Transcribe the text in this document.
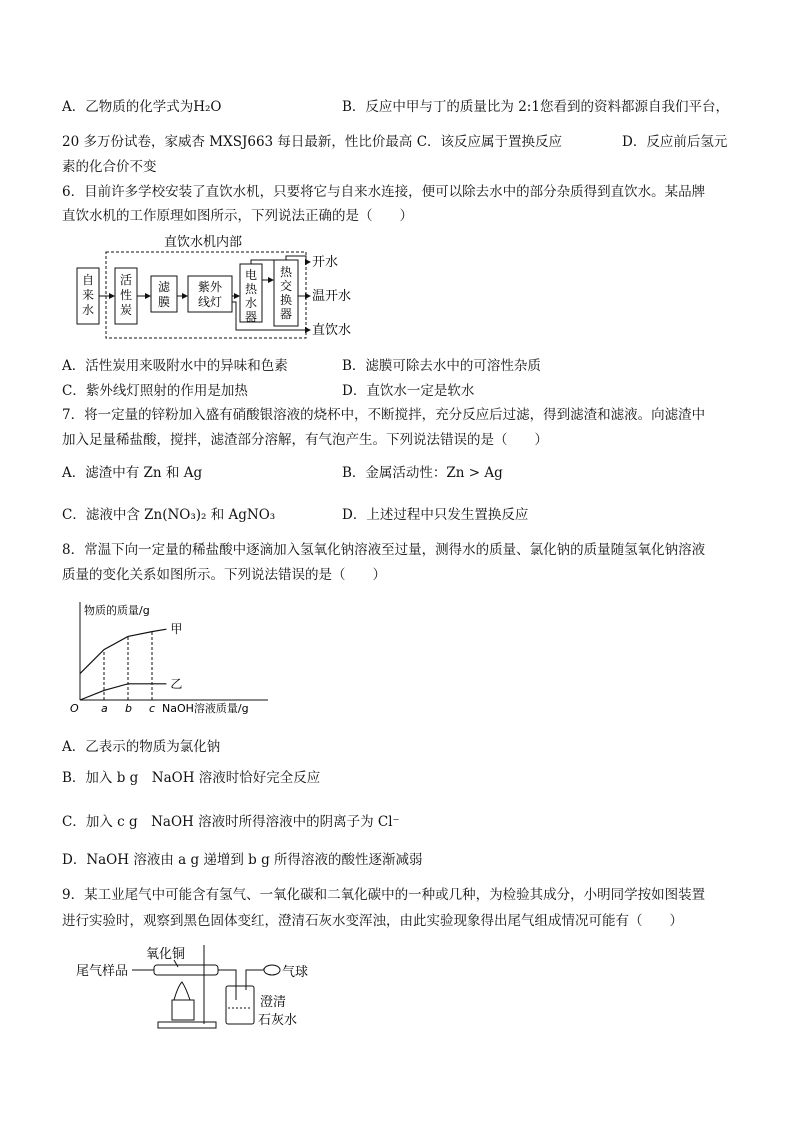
A．乙物质的化学式为H₂O	B．反应中甲与丁的质量比为 2:1您看到的资料都源自我们平台，
20 多万份试卷，家威杏 MXSJ663 每日最新，性比价最高 C．该反应属于置换反应	D．反应前后氢元
素的化合价不变
6．目前许多学校安装了直饮水机，只要将它与自来水连接，便可以除去水中的部分杂质得到直饮水。某品牌
直饮水机的工作原理如图所示，下列说法正确的是（　　）
直饮水机内部
自来水
活性炭
滤膜
紫外线灯
电热水器
热交换器
开水
温开水
直饮水
A．活性炭用来吸附水中的异味和色素	B．滤膜可除去水中的可溶性杂质
C．紫外线灯照射的作用是加热	D．直饮水一定是软水
7．将一定量的锌粉加入盛有硝酸银溶液的烧杯中，不断搅拌，充分反应后过滤，得到滤渣和滤液。向滤渣中
加入足量稀盐酸，搅拌，滤渣部分溶解，有气泡产生。下列说法错误的是（　　）
A．滤渣中有 Zn 和 Ag	B．金属活动性：Zn > Ag
C．滤液中含 Zn(NO₃)₂ 和 AgNO₃	D．上述过程中只发生置换反应
8．常温下向一定量的稀盐酸中逐滴加入氢氧化钠溶液至过量，测得水的质量、氯化钠的质量随氢氧化钠溶液
质量的变化关系如图所示。下列说法错误的是（　　）
物质的质量/g
O	NaOH溶液质量/g
甲
乙
a b c
A．乙表示的物质为氯化钠
B．加入 b g　NaOH 溶液时恰好完全反应
C．加入 c g　NaOH 溶液时所得溶液中的阴离子为 Cl⁻
D．NaOH 溶液由 a g 递增到 b g 所得溶液的酸性逐渐减弱
9．某工业尾气中可能含有氢气、一氧化碳和二氧化碳中的一种或几种，为检验其成分，小明同学按如图装置
进行实验时，观察到黑色固体变红，澄清石灰水变浑浊，由此实验现象得出尾气组成情况可能有（　　）
尾气样品
氧化铜
气球
澄清
石灰水
